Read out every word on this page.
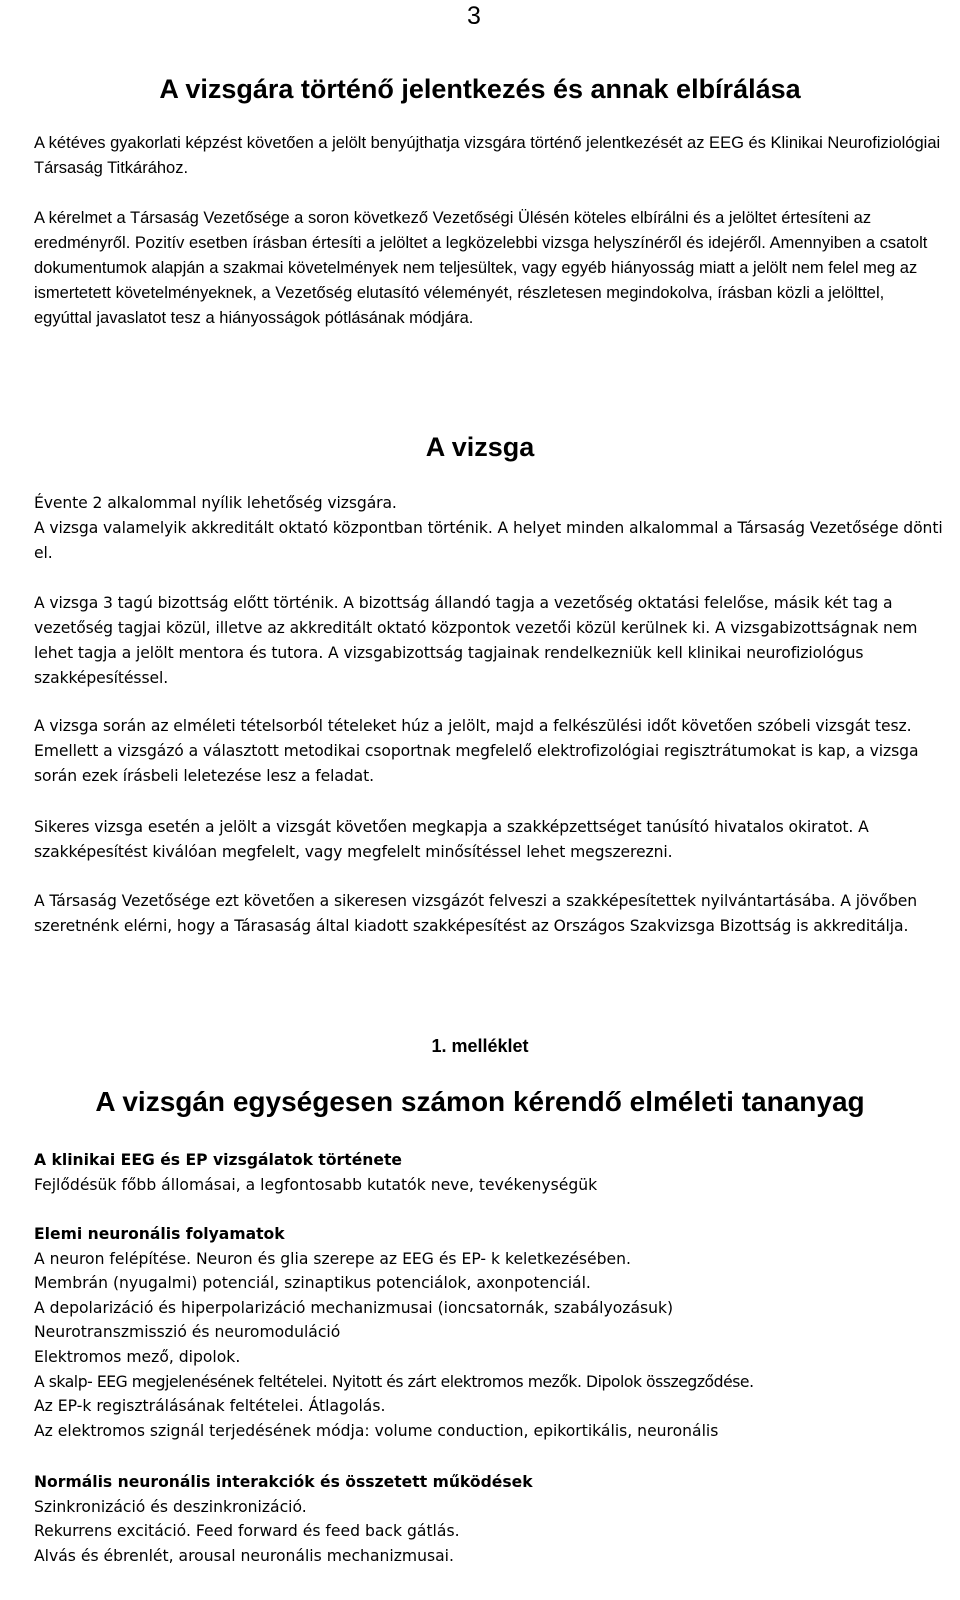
3
A vizsgára történő jelentkezés és annak elbírálása

A kétéves gyakorlati képzést követően a jelölt benyújthatja vizsgára történő jelentkezését az EEG és Klinikai Neurofiziológiai Társaság Titkárához.

A kérelmet a Társaság Vezetősége a soron következő Vezetőségi Ülésén köteles elbírálni és a jelöltet értesíteni az eredményről. Pozitív esetben írásban értesíti a jelöltet a legközelebbi vizsga helyszínéről és idejéről. Amennyiben a csatolt dokumentumok alapján a szakmai követelmények nem teljesültek, vagy egyéb hiányosság miatt a jelölt nem felel meg az ismertetett követelményeknek, a Vezetőség elutasító véleményét, részletesen megindokolva, írásban közli a jelölttel, egyúttal javaslatot tesz a hiányosságok pótlásának módjára.

A vizsga

Évente 2 alkalommal nyílik lehetőség vizsgára.

A vizsga valamelyik akkreditált oktató központban történik. A helyet minden alkalommal a Társaság Vezetősége dönti el.

A vizsga 3 tagú bizottság előtt történik. A bizottság állandó tagja a vezetőség oktatási felelőse, másik két tag a vezetőség tagjai közül, illetve az akkreditált oktató központok vezetői közül kerülnek ki. A vizsgabizottságnak nem lehet tagja a jelölt mentora és tutora. A vizsgabizottság tagjainak rendelkezniük kell klinikai neurofiziológus szakképesítéssel.

A vizsga során az elméleti tételsorból tételeket húz a jelölt, majd a felkészülési időt követően szóbeli vizsgát tesz. Emellett a vizsgázó a választott metodikai csoportnak megfelelő elektrofizológiai regisztrátumokat is kap, a vizsga során ezek írásbeli leletezése lesz a feladat.

Sikeres vizsga esetén a jelölt a vizsgát követően megkapja a szakképzettséget tanúsító hivatalos okiratot. A szakképesítést kiválóan megfelelt, vagy megfelelt minősítéssel lehet megszerezni.

A Társaság Vezetősége ezt követően a sikeresen vizsgázót felveszi a szakképesítettek nyilvántartásába. A jövőben szeretnénk elérni, hogy a Tárasaság által kiadott szakképesítést az Országos Szakvizsga Bizottság is akkreditálja.

1. melléklet
A vizsgán egységesen számon kérendő elméleti tananyag
A klinikai EEG és EP vizsgálatok története
Fejlődésük főbb állomásai, a legfontosabb kutatók neve, tevékenységük
Elemi neuronális folyamatok
A neuron felépítése. Neuron és glia szerepe az EEG és EP- k keletkezésében.
Membrán (nyugalmi) potenciál, szinaptikus potenciálok, axonpotenciál.
A depolarizáció és hiperpolarizáció mechanizmusai (ioncsatornák, szabályozásuk)
Neurotranszmisszió és neuromoduláció
Elektromos mező, dipolok.
A skalp- EEG megjelenésének feltételei. Nyitott és zárt elektromos mezők. Dipolok összegződése.
Az EP-k regisztrálásának feltételei. Átlagolás.
Az elektromos szignál terjedésének módja: volume conduction, epikortikális, neuronális
Normális neuronális interakciók és összetett működések
Szinkronizáció és deszinkronizáció.
Rekurrens excitáció. Feed forward és feed back gátlás.
Alvás és ébrenlét, arousal neuronális mechanizmusai.
